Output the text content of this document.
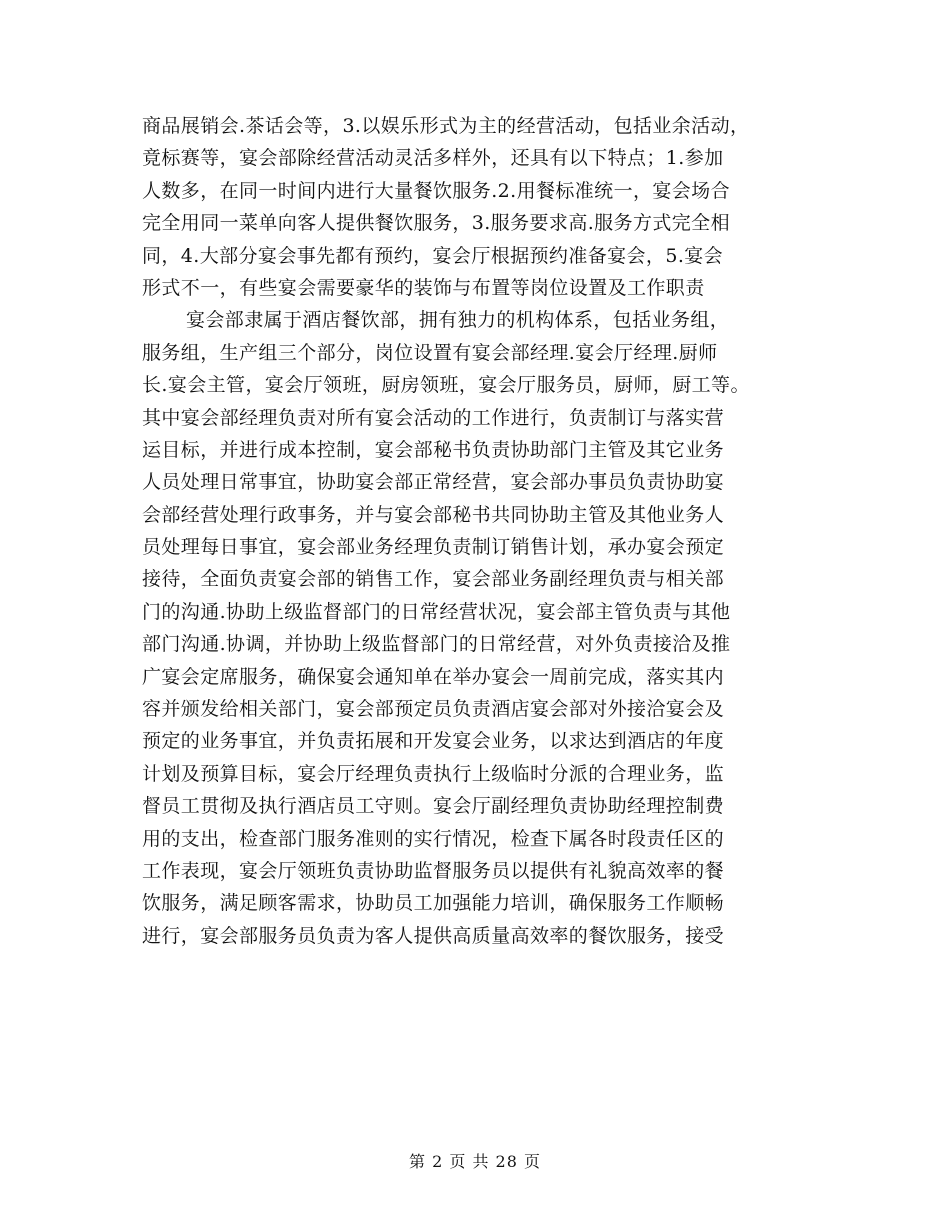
商品展销会.茶话会等，3.以娱乐形式为主的经营活动，包括业余活动，
竟标赛等，宴会部除经营活动灵活多样外，还具有以下特点；1.参加
人数多，在同一时间内进行大量餐饮服务.2.用餐标准统一，宴会场合
完全用同一菜单向客人提供餐饮服务，3.服务要求高.服务方式完全相
同，4.大部分宴会事先都有预约，宴会厅根据预约准备宴会，5.宴会
形式不一，有些宴会需要豪华的装饰与布置等岗位设置及工作职责
宴会部隶属于酒店餐饮部，拥有独力的机构体系，包括业务组，
服务组，生产组三个部分，岗位设置有宴会部经理.宴会厅经理.厨师
长.宴会主管，宴会厅领班，厨房领班，宴会厅服务员，厨师，厨工等。
其中宴会部经理负责对所有宴会活动的工作进行，负责制订与落实营
运目标，并进行成本控制，宴会部秘书负责协助部门主管及其它业务
人员处理日常事宜，协助宴会部正常经营，宴会部办事员负责协助宴
会部经营处理行政事务，并与宴会部秘书共同协助主管及其他业务人
员处理每日事宜，宴会部业务经理负责制订销售计划，承办宴会预定
接待，全面负责宴会部的销售工作，宴会部业务副经理负责与相关部
门的沟通.协助上级监督部门的日常经营状况，宴会部主管负责与其他
部门沟通.协调，并协助上级监督部门的日常经营，对外负责接洽及推
广宴会定席服务，确保宴会通知单在举办宴会一周前完成，落实其内
容并颁发给相关部门，宴会部预定员负责酒店宴会部对外接洽宴会及
预定的业务事宜，并负责拓展和开发宴会业务，以求达到酒店的年度
计划及预算目标，宴会厅经理负责执行上级临时分派的合理业务，监
督员工贯彻及执行酒店员工守则。宴会厅副经理负责协助经理控制费
用的支出，检查部门服务准则的实行情况，检查下属各时段责任区的
工作表现，宴会厅领班负责协助监督服务员以提供有礼貌高效率的餐
饮服务，满足顾客需求，协助员工加强能力培训，确保服务工作顺畅
进行，宴会部服务员负责为客人提供高质量高效率的餐饮服务，接受
第 2 页 共 28 页
